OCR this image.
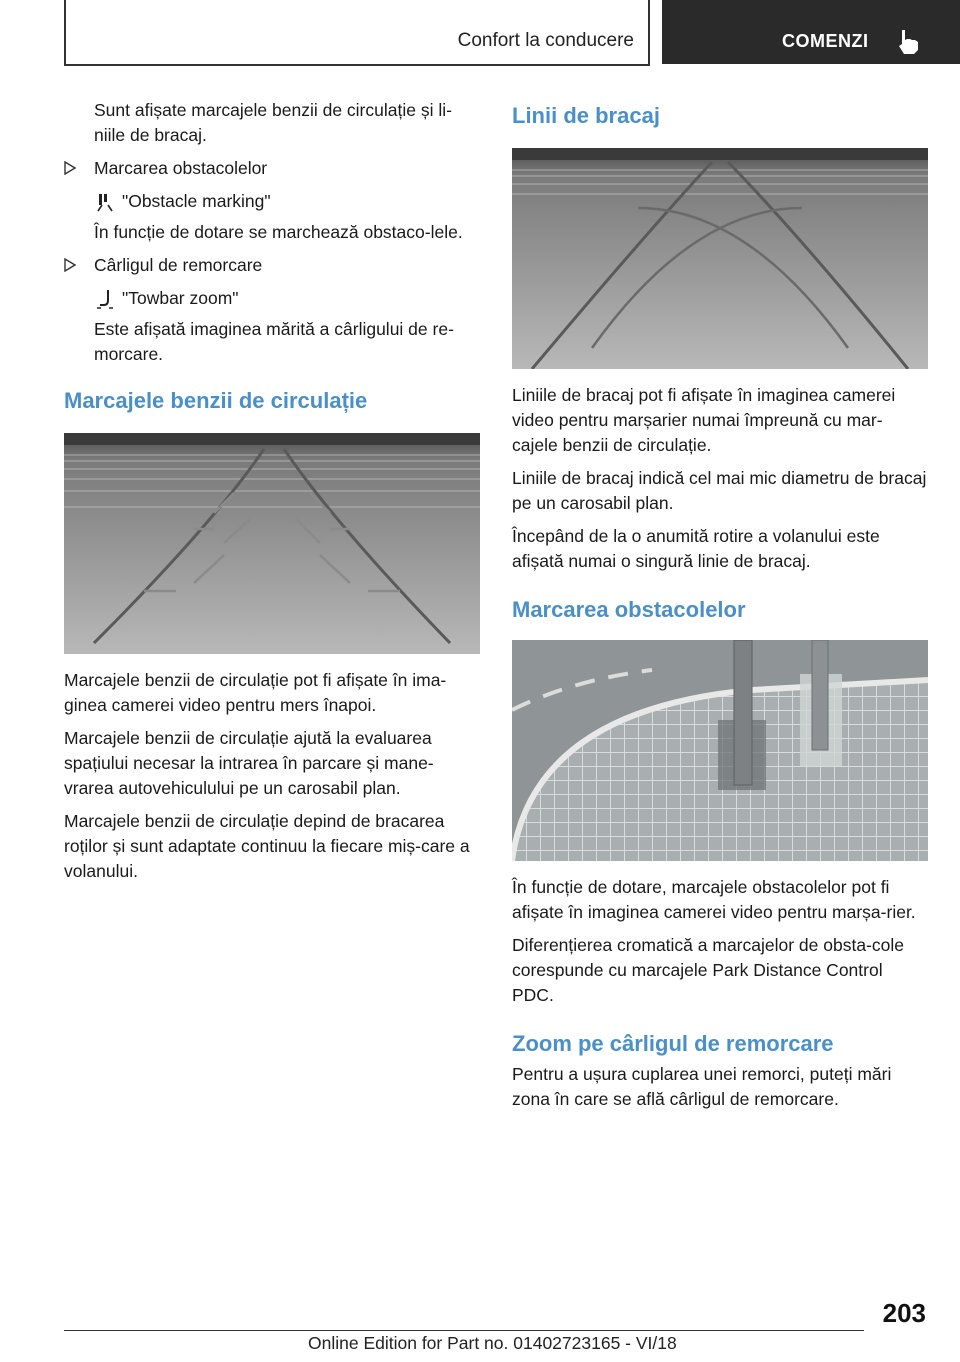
Confort la conducere	COMENZI

Sunt afișate marcajele benzii de circulație și li-niile de bracaj.

Marcarea obstacolelor
"Obstacle marking"

În funcție de dotare se marchează obstaco-lele.

Cârligul de remorcare
"Towbar zoom"

Este afișată imaginea mărită a cârligului de re-morcare.

Marcajele benzii de circulație

Marcajele benzii de circulație pot fi afișate în ima-ginea camerei video pentru mers înapoi.

Marcajele benzii de circulație ajută la evaluarea spațiului necesar la intrarea în parcare și mane-vrarea autovehiculului pe un carosabil plan.

Marcajele benzii de circulație depind de bracarea roților și sunt adaptate continuu la fiecare miș-care a volanului.

Linii de bracaj

Liniile de bracaj pot fi afișate în imaginea camerei video pentru marșarier numai împreună cu mar-cajele benzii de circulație.

Liniile de bracaj indică cel mai mic diametru de bracaj pe un carosabil plan.

Începând de la o anumită rotire a volanului este afișată numai o singură linie de bracaj.

Marcarea obstacolelor

În funcție de dotare, marcajele obstacolelor pot fi afișate în imaginea camerei video pentru marșa-rier.

Diferențierea cromatică a marcajelor de obsta-cole corespunde cu marcajele Park Distance Control PDC.

Zoom pe cârligul de remorcare

Pentru a ușura cuplarea unei remorci, puteți mări zona în care se află cârligul de remorcare.

203
Online Edition for Part no. 01402723165 - VI/18
